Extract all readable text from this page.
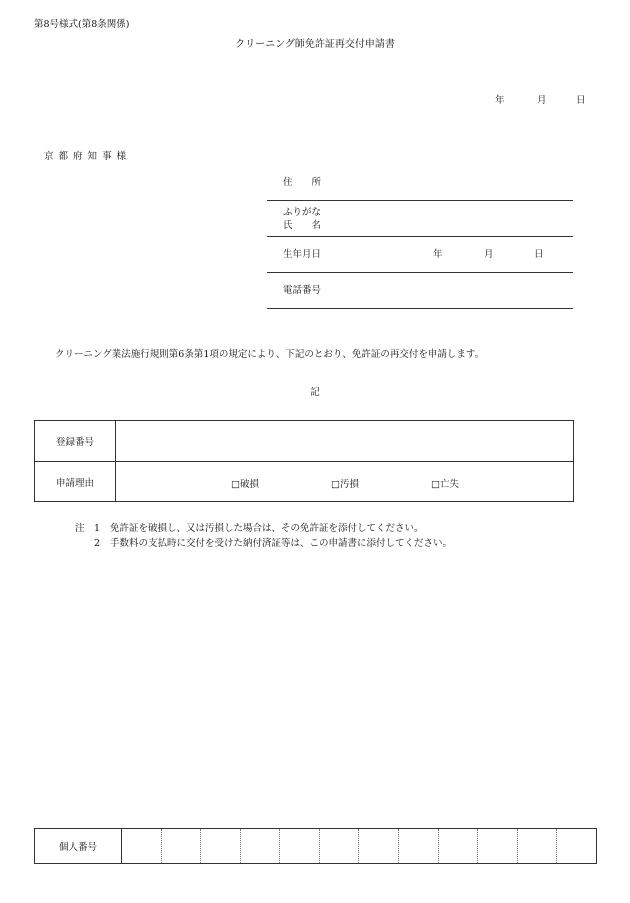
第8号様式(第8条関係)
クリーニング師免許証再交付申請書
年	月	日
京 都 府 知 事 様
住　　所
ふりがな
氏　　名
生年月日	年	月	日
電話番号
クリーニング業法施行規則第6条第1項の規定により、下記のとおり、免許証の再交付を申請します。
記
登録番号	
申請理由	□破損 □汚損 □亡失
注 1 免許証を破損し、又は汚損した場合は、その免許証を添付してください。
2 手数料の支払時に交付を受けた納付済証等は、この申請書に添付してください。
個人番号
